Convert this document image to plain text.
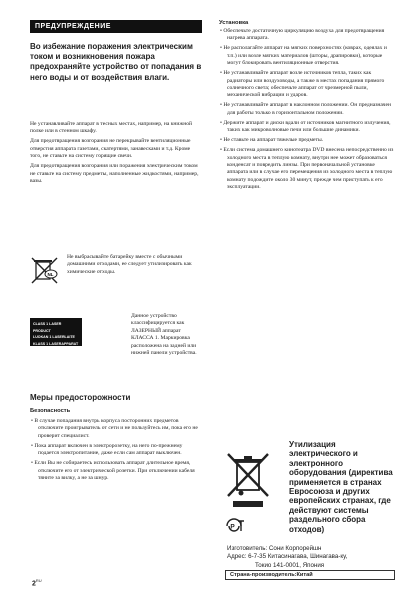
ПРЕДУПРЕЖДЕНИЕ
Во избежание поражения электрическим током и возникновения пожара предохраняйте устройство от попадания в него воды и от воздействия влаги.

Не устанавливайте аппарат в тесных местах, например, на книжной полке или в стенном шкафу.

Для предотвращения возгорания не перекрывайте вентиляционные отверстия аппарата газетами, скатертями, занавесками и т.д. Кроме того, не ставьте на систему горящие свечи.

Для предотвращения возгорания или поражения электрическим током не ставьте на систему предметы, наполненные жидкостями, например, вазы.

NL
Не выбрасывайте батарейку вместе с обычными домашними отходами, ее следует утилизировать как химические отходы.
CLASS 1 LASER PRODUCT
LUOKAN 1 LASERLAITE
KLASS 1 LASERAPPARAT
Данное устройство классифицируется как ЛАЗЕРНЫЙ аппарат КЛАССА 1. Маркировка расположена на задней или нижней панели устройства.
Меры предосторожности
Безопасность
• В случае попадания внутрь корпуса посторонних предметов отключите проигрыватель от сети и не пользуйтесь им, пока его не проверит специалист.
• Пока аппарат включен в электророзетку, на него по-прежнему подается электропитание, даже если сам аппарат выключен.
• Если Вы не собираетесь использовать аппарат длительное время, отключите его от электрической розетки. При отключении кабеля тяните за вилку, а не за шнур.
Установка
• Обеспечьте достаточную циркуляцию воздуха для предотвращения нагрева аппарата.
• Не располагайте аппарат на мягких поверхностях (коврах, одеялах и т.п.) или возле мягких материалов (шторы, драпировки), которые могут блокировать вентиляционные отверстия.
• Не устанавливайте аппарат возле источников тепла, таких как радиаторы или воздуховоды, а также в местах попадания прямого солнечного света; обеспечьте аппарат от чрезмерной пыли, механической вибрации и ударов.
• Не устанавливайте аппарат в наклонном положении. Он предназначен для работы только в горизонтальном положении.
• Держите аппарат и диски вдали от источников магнитного излучения, таких как микроволновые печи или большие динамики.
• Не ставьте на аппарат тяжелые предметы.
• Если система домашнего кинотеатра DVD внесена непосредственно из холодного места в теплую комнату, внутри нее может образоваться конденсат и повредить линзы. При первоначальной установке аппарата или в случае его перемещения из холодного места в теплую комнату подождите около 30 минут, прежде чем приступать к его эксплуатации.
Утилизация электрического и электронного оборудования (директива применяется в странах Евросоюза и других европейских странах, где действуют системы раздельного сбора отходов)
P
Изготовитель: Сони Корпорейшн
Адрес: 6-7-35 Китасинагава, Шинагава-ку,
Токио 141-0001, Япония
Страна-производитель:Китай
$2^{RU}$
